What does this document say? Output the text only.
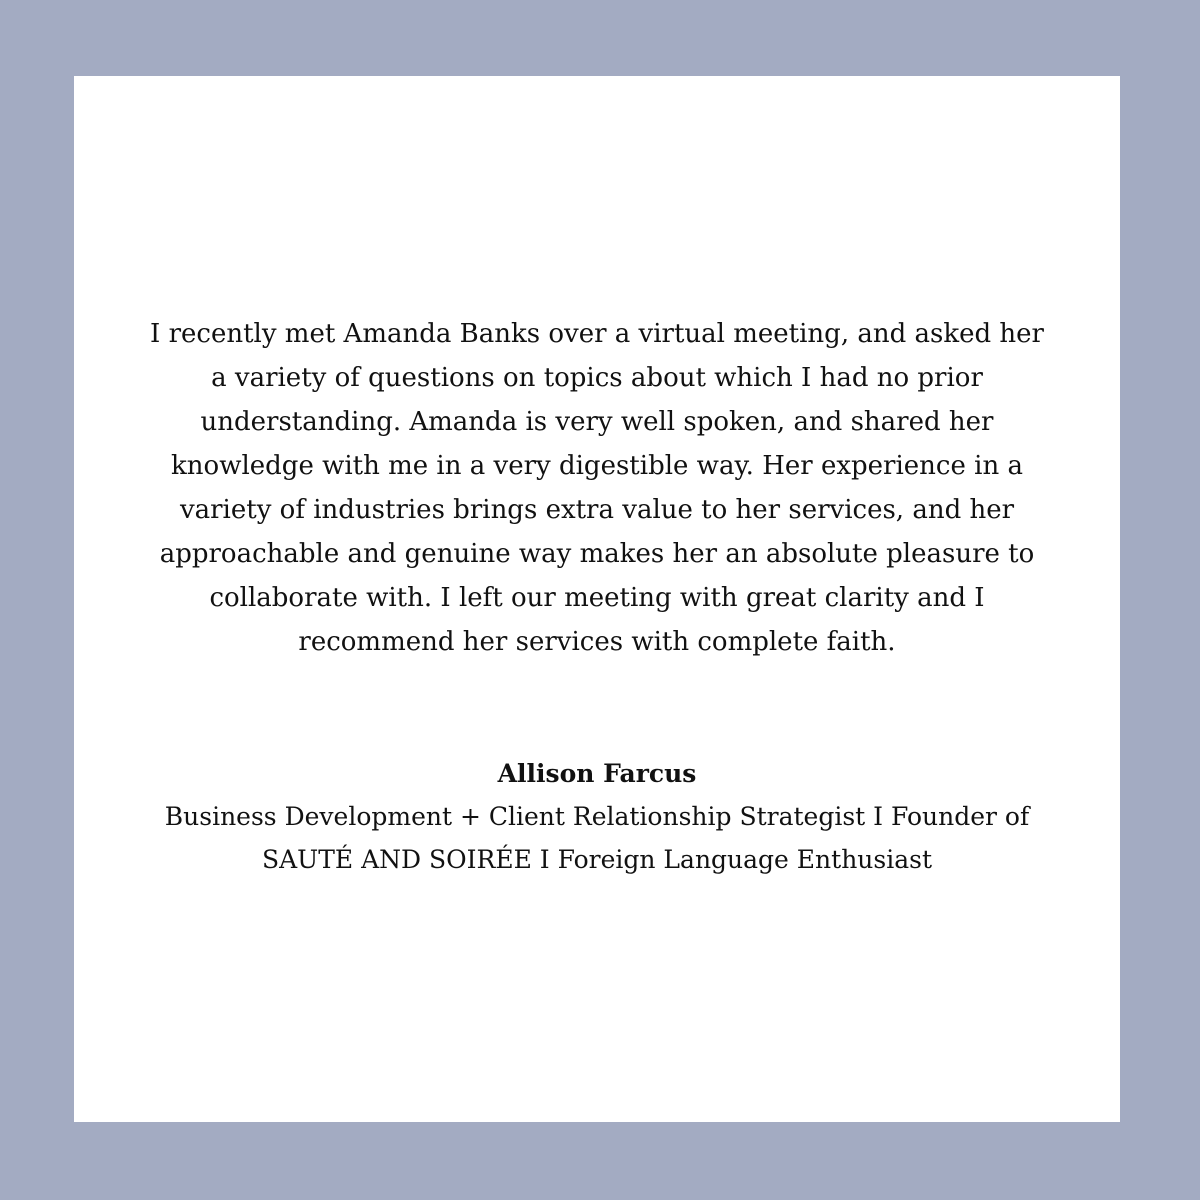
I recently met Amanda Banks over a virtual meeting, and asked her
a variety of questions on topics about which I had no prior
understanding. Amanda is very well spoken, and shared her
knowledge with me in a very digestible way. Her experience in a
variety of industries brings extra value to her services, and her
approachable and genuine way makes her an absolute pleasure to
collaborate with. I left our meeting with great clarity and I
recommend her services with complete faith.
Allison Farcus
Business Development + Client Relationship Strategist I Founder of
SAUTÉ AND SOIRÉE I Foreign Language Enthusiast
